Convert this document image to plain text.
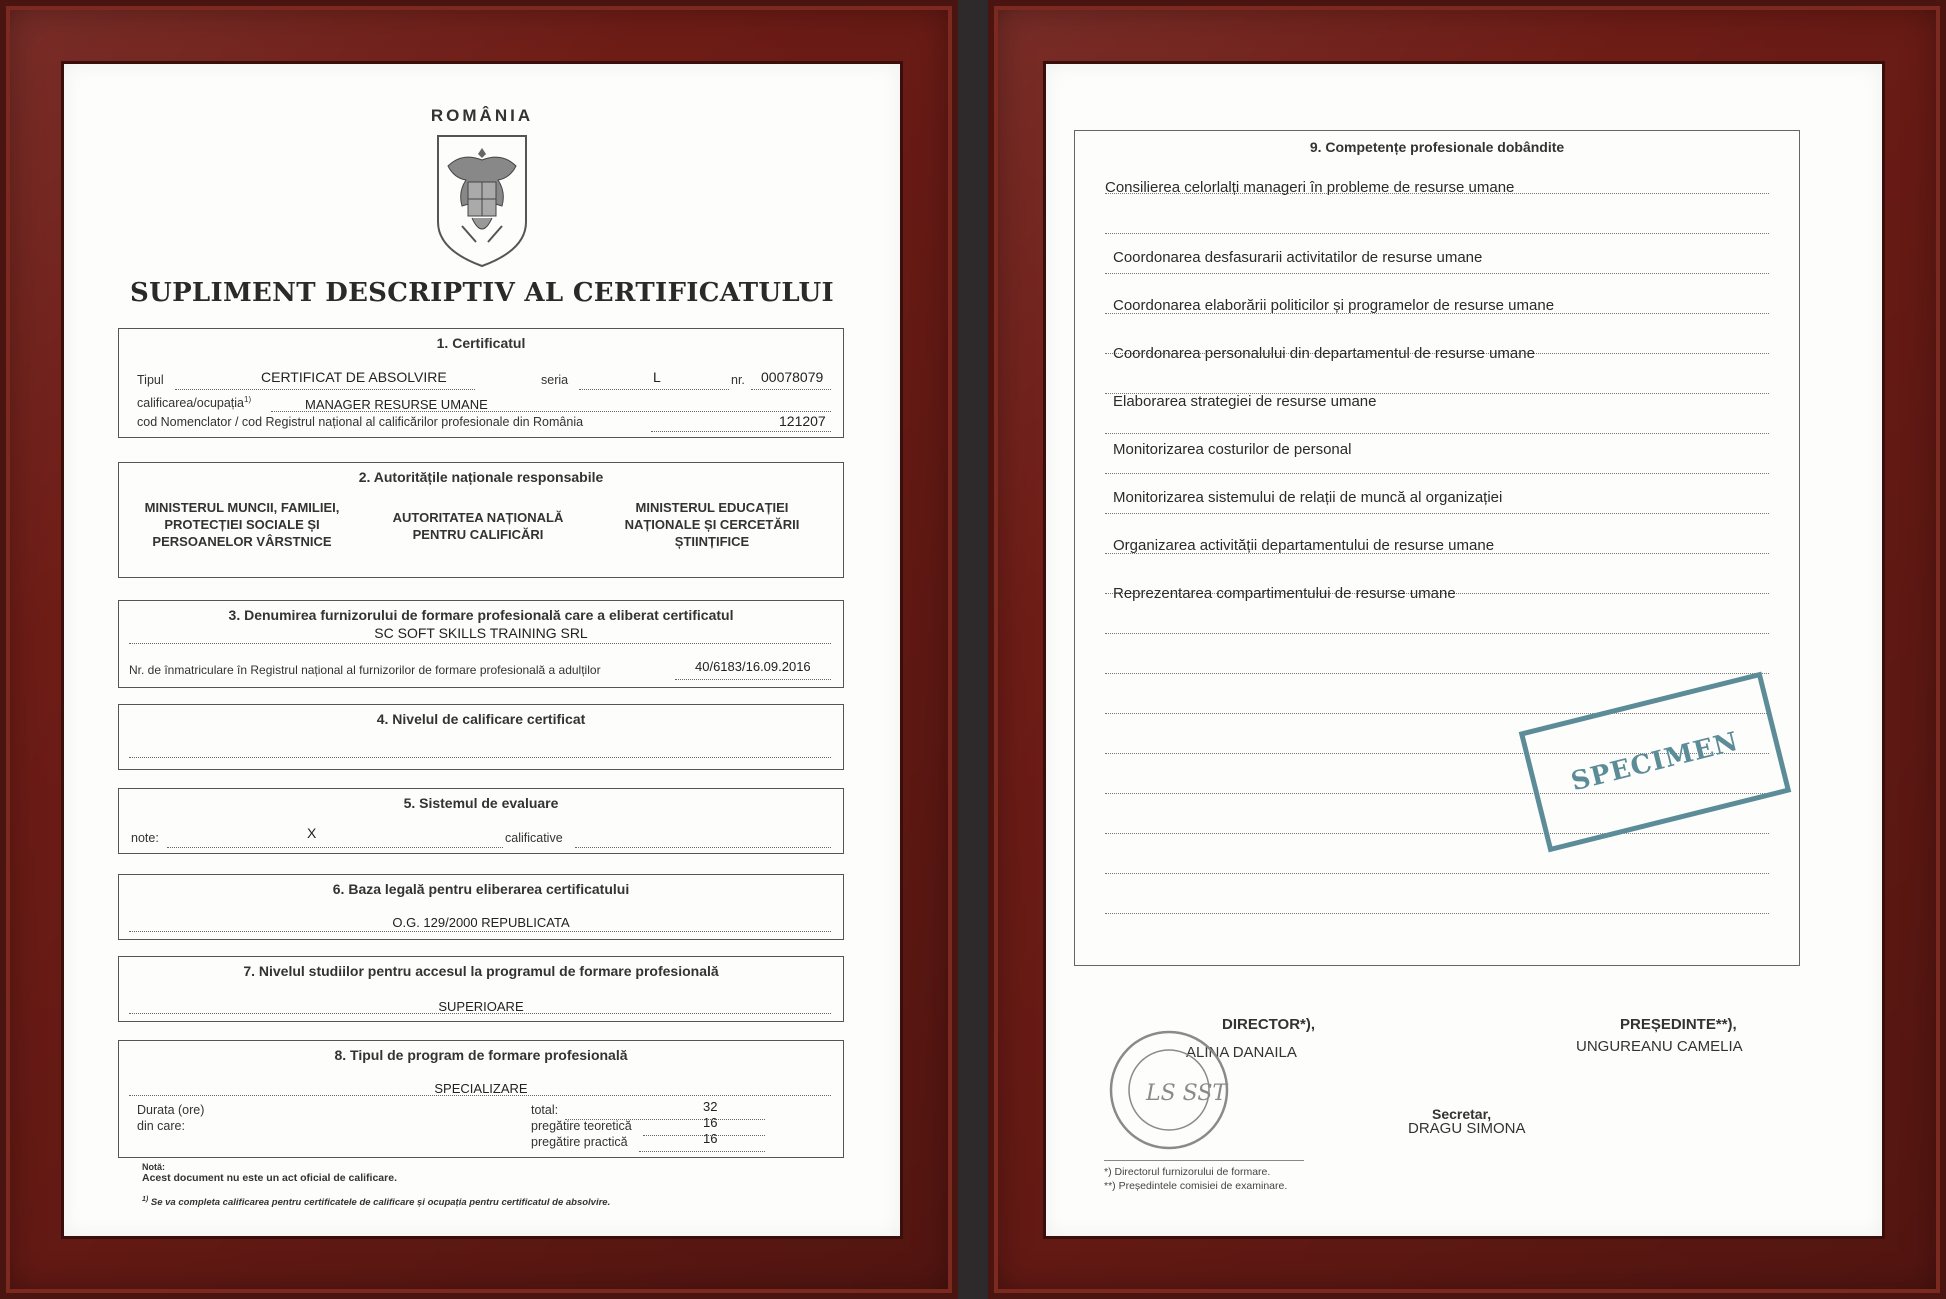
ROMÂNIA
SUPLIMENT DESCRIPTIV AL CERTIFICATULUI
1. Certificatul
Tipul	CERTIFICAT DE ABSOLVIRE	seria	L	nr. 00078079
calificarea/ocupația$^{1)}$	MANAGER RESURSE UMANE
cod Nomenclator / cod Registrul național al calificărilor profesionale din România	121207
2. Autoritățile naționale responsabile
MINISTERUL MUNCII, FAMILIEI, PROTECȚIEI SOCIALE ȘI PERSOANELOR VÂRSTNICE
AUTORITATEA NAȚIONALĂ PENTRU CALIFICĂRI
MINISTERUL EDUCAȚIEI NAȚIONALE ȘI CERCETĂRII ȘTIINȚIFICE
3. Denumirea furnizorului de formare profesională care a eliberat certificatul
SC SOFT SKILLS TRAINING SRL
Nr. de înmatriculare în Registrul național al furnizorilor de formare profesională a adulților	40/6183/16.09.2016
4. Nivelul de calificare certificat
5. Sistemul de evaluare
note:	X	calificative
6. Baza legală pentru eliberarea certificatului
O.G. 129/2000 REPUBLICATA
7. Nivelul studiilor pentru accesul la programul de formare profesională
SUPERIOARE
8. Tipul de program de formare profesională
SPECIALIZARE
Durata (ore)
din care:
total:	32
pregătire teoretică	16
pregătire practică	16
Notă:
Acest document nu este un act oficial de calificare.
$^{1)}$ Se va completa calificarea pentru certificatele de calificare și ocupația pentru certificatul de absolvire.
9. Competențe profesionale dobândite
Consilierea celorlalți manageri în probleme de resurse umane
Coordonarea desfasurarii activitatilor de resurse umane
Coordonarea elaborării politicilor și programelor de resurse umane
Coordonarea personalului din departamentul de resurse umane
Elaborarea strategiei de resurse umane
Monitorizarea costurilor de personal
Monitorizarea sistemului de relații de muncă al organizației
Organizarea activității departamentului de resurse umane
Reprezentarea compartimentului de resurse umane
SPECIMEN
DIRECTOR*),
ALINA DANAILA
PREȘEDINTE**),
UNGUREANU CAMELIA
Secretar,
DRAGU SIMONA
LS SST
*) Directorul furnizorului de formare.
**) Președintele comisiei de examinare.
